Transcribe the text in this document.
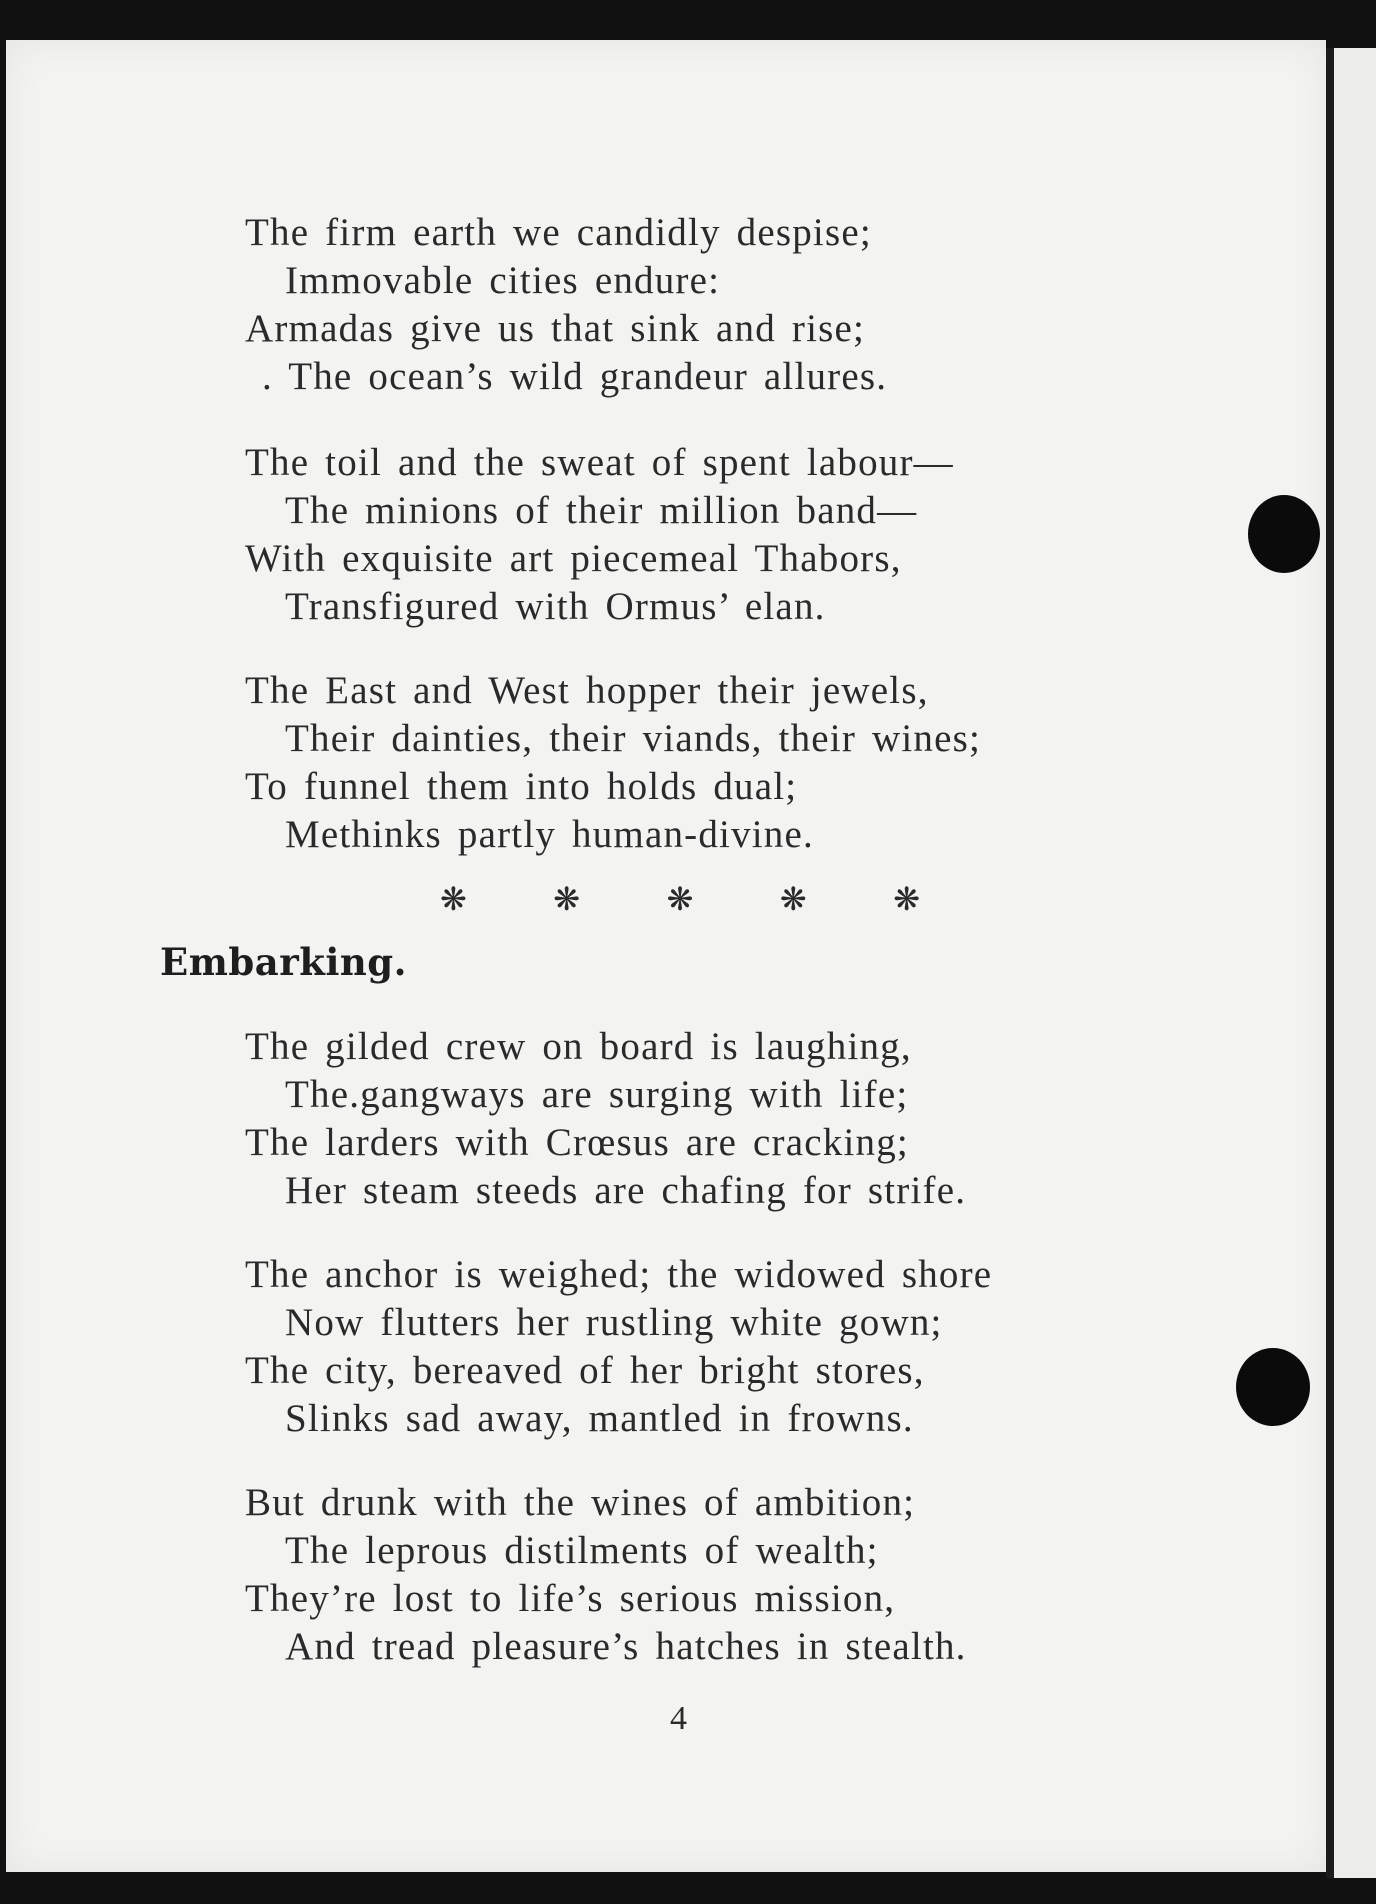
The firm earth we candidly despise;
Immovable cities endure:
Armadas give us that sink and rise;
. The ocean’s wild grandeur allures.
The toil and the sweat of spent labour—
The minions of their million band—
With exquisite art piecemeal Thabors,
Transfigured with Ormus’ elan.
The East and West hopper their jewels,
Their dainties, their viands, their wines;
To funnel them into holds dual;
Methinks partly human-divine.
❋	❋	❋	❋	❋
Embarking.
The gilded crew on board is laughing,
The.gangways are surging with life;
The larders with Crœsus are cracking;
Her steam steeds are chafing for strife.
The anchor is weighed; the widowed shore
Now flutters her rustling white gown;
The city, bereaved of her bright stores,
Slinks sad away, mantled in frowns.
But drunk with the wines of ambition;
The leprous distilments of wealth;
They’re lost to life’s serious mission,
And tread pleasure’s hatches in stealth.
4
